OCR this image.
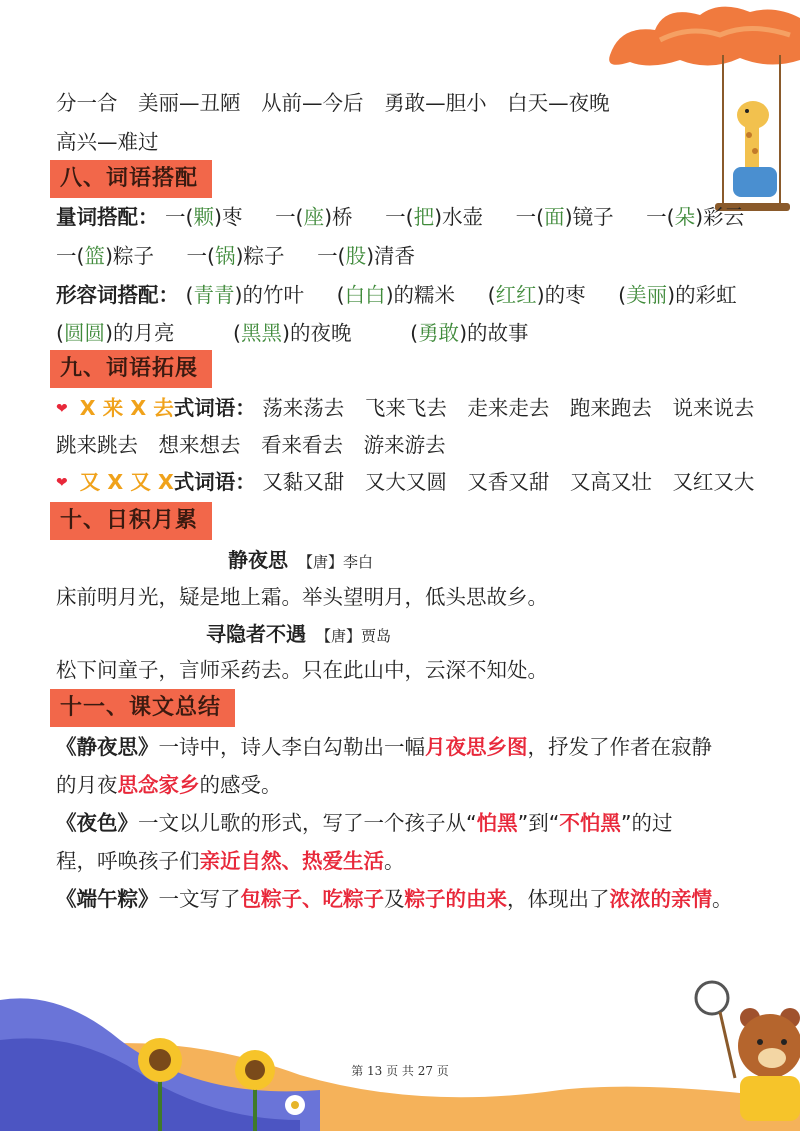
分一合 美丽—丑陋 从前—今后 勇敢—胆小 白天—夜晚
高兴—难过
八、词语搭配
量词搭配： 一(颗)枣 一(座)桥 一(把)水壶 一(面)镜子 一(朵)彩云
一(篮)粽子 一(锅)粽子 一(股)清香
形容词搭配： (青青)的竹叶 (白白)的糯米 (红红)的枣 (美丽)的彩虹
(圆圆)的月亮	(黑黑)的夜晚	(勇敢)的故事
九、词语拓展
❤ X 来 X 去式词语： 荡来荡去 飞来飞去 走来走去 跑来跑去 说来说去
跳来跳去 想来想去 看来看去 游来游去
❤ 又 X 又 X式词语： 又黏又甜 又大又圆 又香又甜 又高又壮 又红又大
十、日积月累
静夜思 【唐】李白
床前明月光，疑是地上霜。举头望明月，低头思故乡。
寻隐者不遇 【唐】贾岛
松下问童子，言师采药去。只在此山中，云深不知处。
十一、课文总结
《静夜思》一诗中，诗人李白勾勒出一幅月夜思乡图，抒发了作者在寂静
的月夜思念家乡的感受。
《夜色》一文以儿歌的形式，写了一个孩子从“怕黑”到“不怕黑”的过
程，呼唤孩子们亲近自然、热爱生活。
《端午粽》一文写了包粽子、吃粽子及粽子的由来，体现出了浓浓的亲情。
第 13 页 共 27 页
